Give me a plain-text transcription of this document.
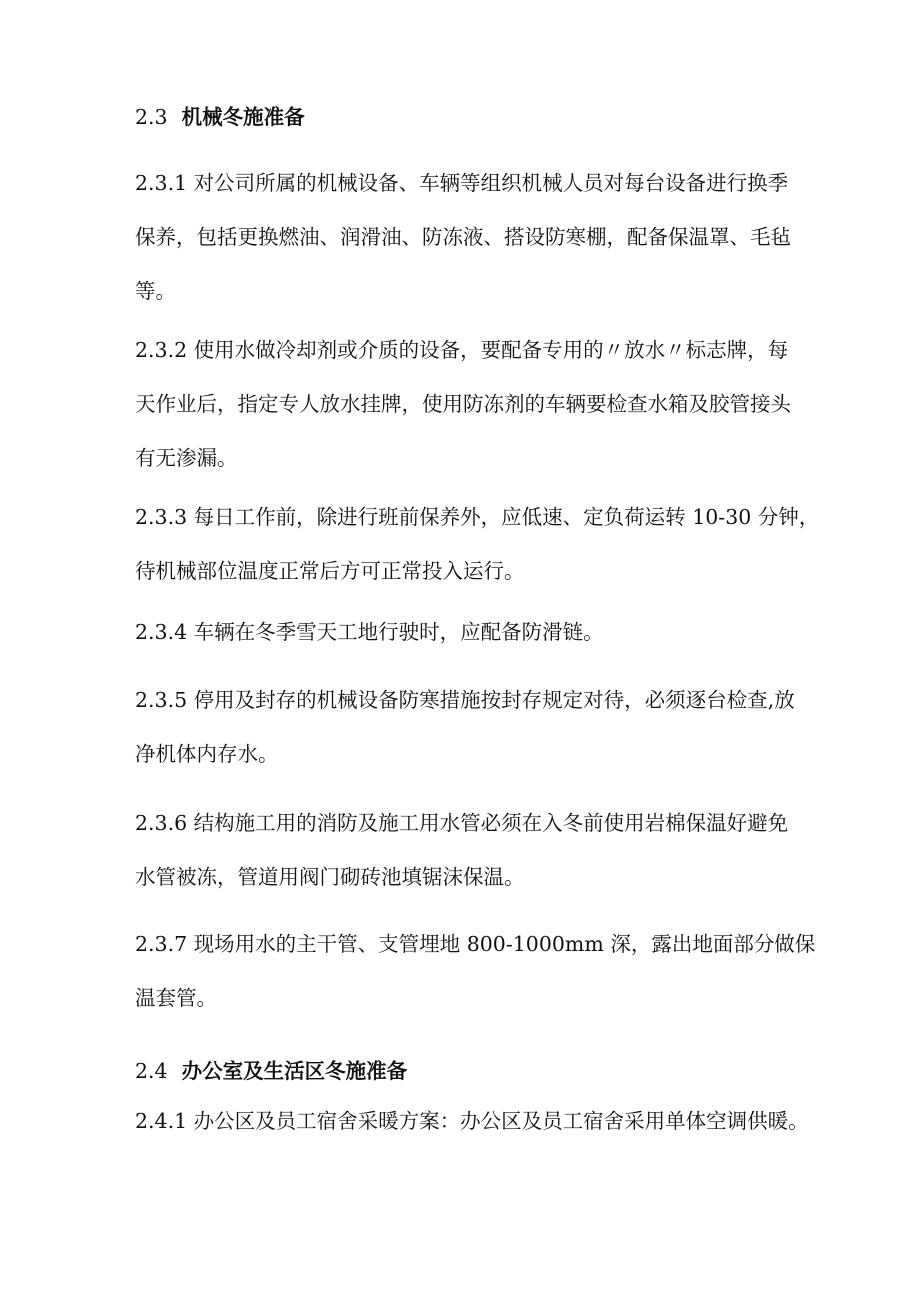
2.3 机械冬施准备
2.3.1 对公司所属的机械设备、车辆等组织机械人员对每台设备进行换季
保养，包括更换燃油、润滑油、防冻液、搭设防寒棚，配备保温罩、毛毡
等。
2.3.2 使用水做冷却剂或介质的设备，要配备专用的〃放水〃标志牌，每
天作业后，指定专人放水挂牌，使用防冻剂的车辆要检查水箱及胶管接头
有无渗漏。
2.3.3 每日工作前，除进行班前保养外，应低速、定负荷运转 10-30 分钟，
待机械部位温度正常后方可正常投入运行。
2.3.4 车辆在冬季雪天工地行驶时，应配备防滑链。
2.3.5 停用及封存的机械设备防寒措施按封存规定对待，必须逐台检查,放
净机体内存水。
2.3.6 结构施工用的消防及施工用水管必须在入冬前使用岩棉保温好避免
水管被冻，管道用阀门砌砖池填锯沫保温。
2.3.7 现场用水的主干管、支管埋地 800-1000mm 深，露出地面部分做保
温套管。
2.4 办公室及生活区冬施准备
2.4.1 办公区及员工宿舍采暖方案：办公区及员工宿舍采用单体空调供暖。
